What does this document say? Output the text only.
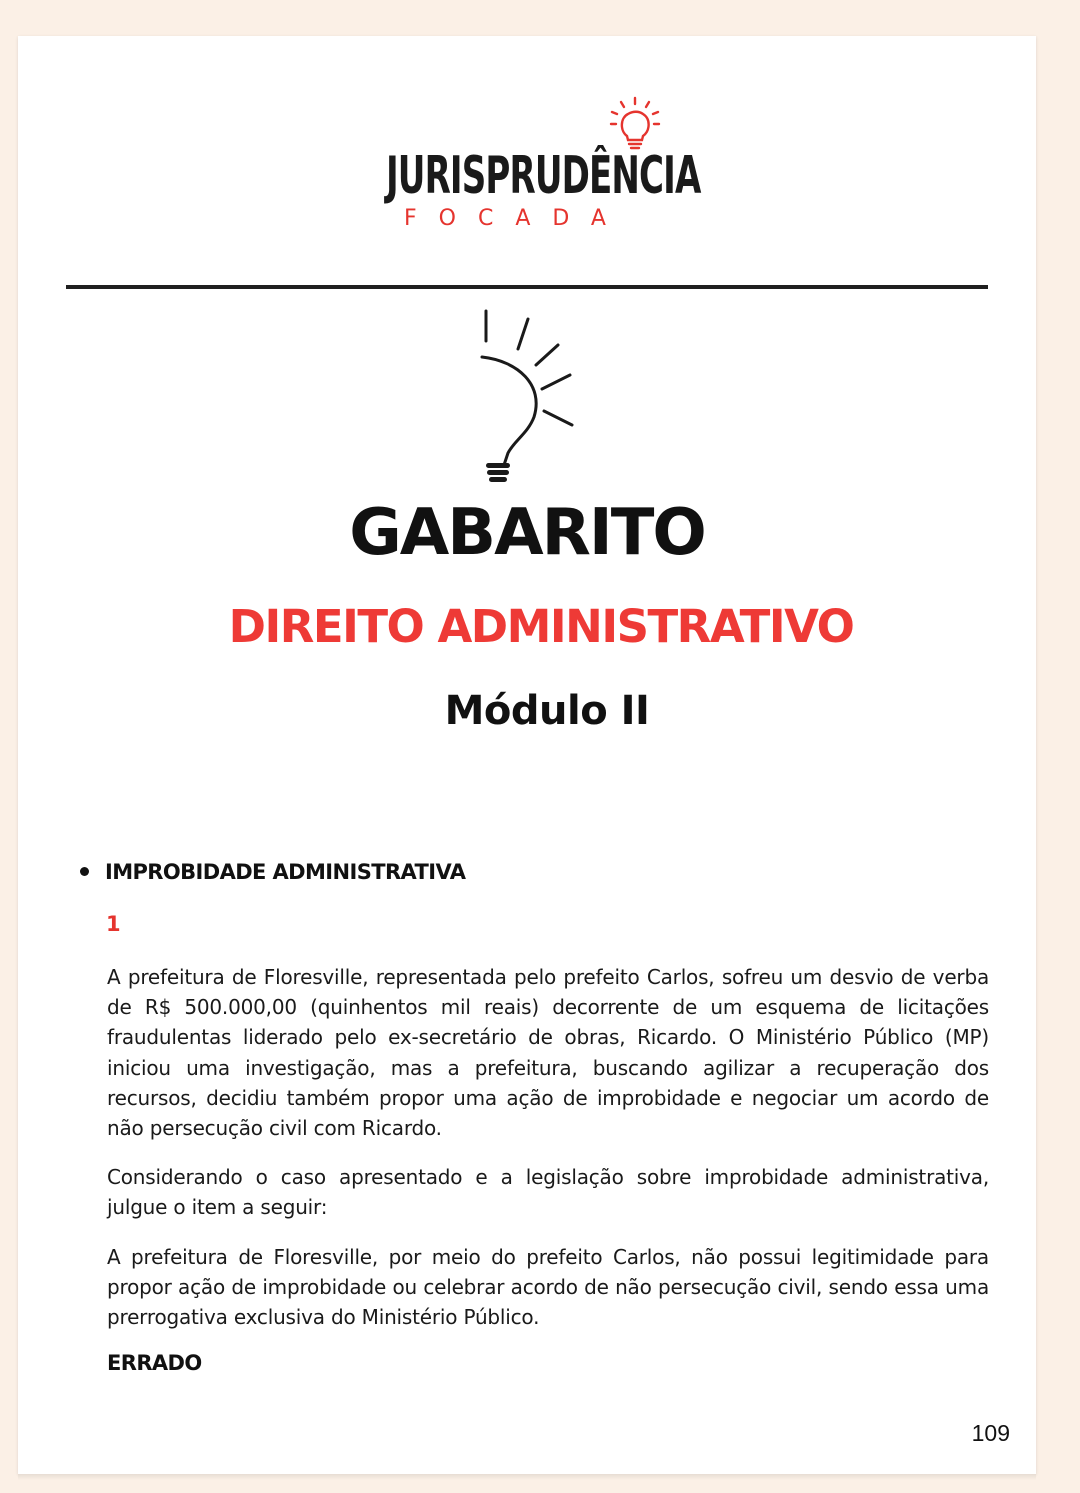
JURISPRUDÊNCIA
FOCADA
GABARITO
DIREITO ADMINISTRATIVO
Módulo II
IMPROBIDADE ADMINISTRATIVA
1
A prefeitura de Floresville, representada pelo prefeito Carlos, sofreu um desvio de verba de R$ 500.000,00 (quinhentos mil reais) decorrente de um esquema de licitações fraudulentas liderado pelo ex-secretário de obras, Ricardo. O Ministério Público (MP) iniciou uma investigação, mas a prefeitura, buscando agilizar a recuperação dos recursos, decidiu também propor uma ação de improbidade e negociar um acordo de não persecução civil com Ricardo.
Considerando o caso apresentado e a legislação sobre improbidade administrativa, julgue o item a seguir:
A prefeitura de Floresville, por meio do prefeito Carlos, não possui legitimidade para propor ação de improbidade ou celebrar acordo de não persecução civil, sendo essa uma prerrogativa exclusiva do Ministério Público.
ERRADO
109
